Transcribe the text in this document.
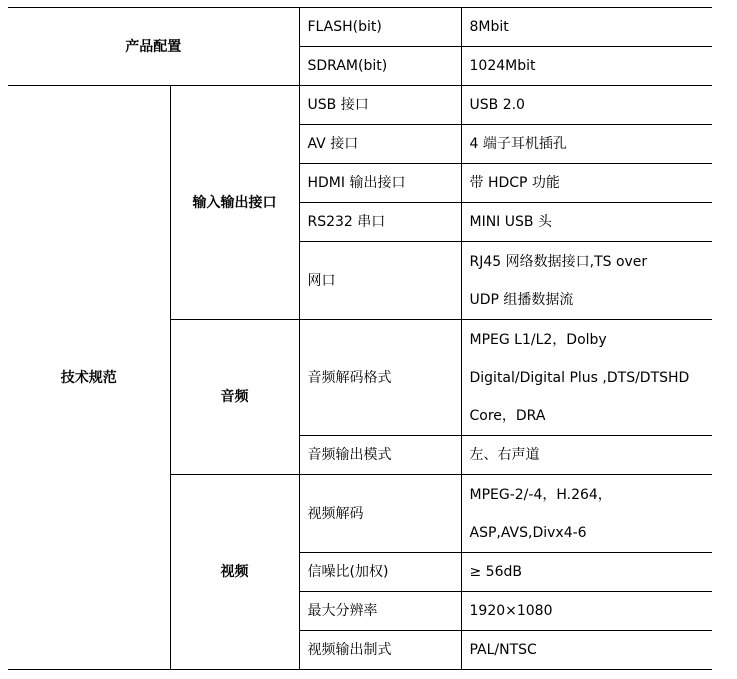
产品配置		FLASH(bit)	8Mbit

		SDRAM(bit)	1024Mbit

技术规范	输入输出接口	USB 接口	USB 2.0

		AV 接口	4 端子耳机插孔

		HDMI 输出接口	带 HDCP 功能

		RS232 串口	MINI USB 头

		网口	RJ45 网络数据接口,TS over
UDP 组播数据流

	音频	音频解码格式	MPEG L1/L2，Dolby
Digital/Digital Plus ,DTS/DTSHD
Core，DRA

		音频输出模式	左、右声道

	视频	视频解码	MPEG-2/-4，H.264，
ASP,AVS,Divx4-6

		信噪比(加权)	≥ 56dB

		最大分辨率	1920×1080

		视频输出制式	PAL/NTSC
